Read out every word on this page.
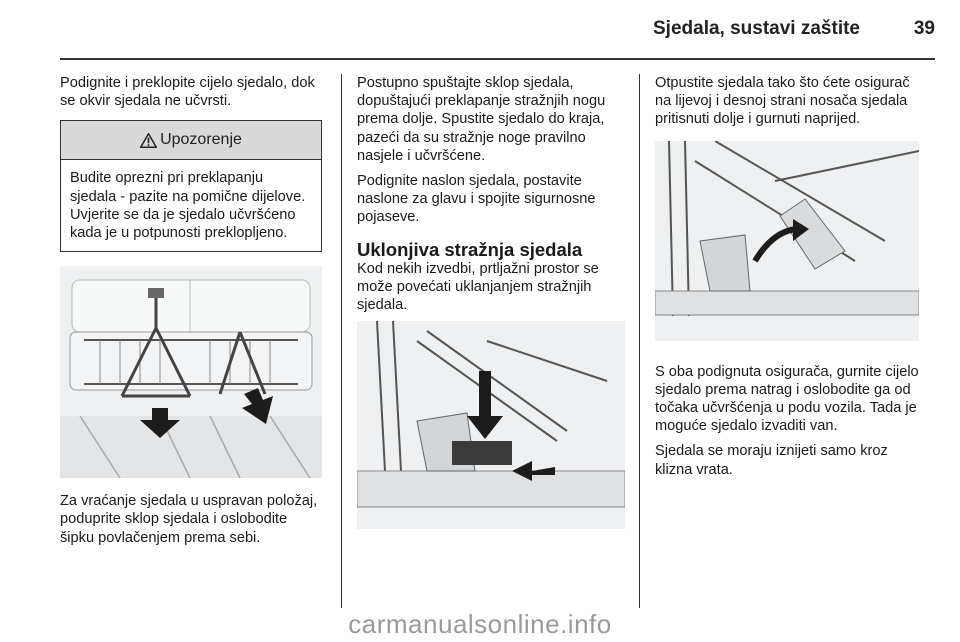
Sjedala, sustavi zaštite	39

Podignite i preklopite cijelo sjedalo, dok se okvir sjedala ne učvrsti.

Upozorenje
Budite oprezni pri preklapanju sjedala - pazite na pomične dijelove. Uvjerite se da je sjedalo učvršćeno kada je u potpunosti preklopljeno.

Za vraćanje sjedala u uspravan položaj, poduprite sklop sjedala i oslobodite šipku povlačenjem prema sebi.

Postupno spuštajte sklop sjedala, dopuštajući preklapanje stražnjih nogu prema dolje. Spustite sjedalo do kraja, pazeći da su stražnje noge pravilno nasjele i učvršćene.

Podignite naslon sjedala, postavite naslone za glavu i spojite sigurnosne pojaseve.

Uklonjiva stražnja sjedala

Kod nekih izvedbi, prtljažni prostor se može povećati uklanjanjem stražnjih sjedala.

Otpustite sjedala tako što ćete osigurač na lijevoj i desnoj strani nosača sjedala pritisnuti dolje i gurnuti naprijed.

S oba podignuta osigurača, gurnite cijelo sjedalo prema natrag i oslobodite ga od točaka učvršćenja u podu vozila. Tada je moguće sjedalo izvaditi van.

Sjedala se moraju iznijeti samo kroz klizna vrata.

carmanualsonline.info
